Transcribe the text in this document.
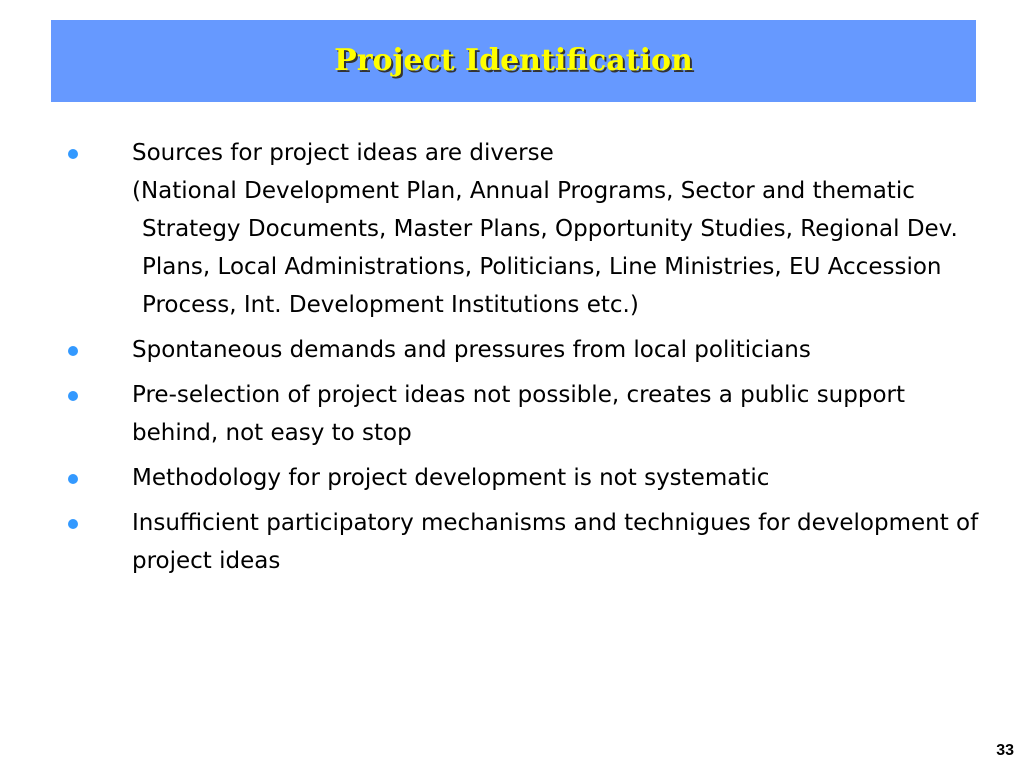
Project Identification
Sources for project ideas are diverse
(National Development Plan, Annual Programs, Sector and thematic Strategy Documents, Master Plans, Opportunity Studies, Regional Dev. Plans, Local Administrations, Politicians, Line Ministries, EU Accession Process, Int. Development Institutions etc.)
Spontaneous demands and pressures from local politicians
Pre-selection of project ideas not possible, creates a public support behind, not easy to stop
Methodology for project development is not systematic
Insufficient participatory mechanisms and technigues for development of project ideas
33
